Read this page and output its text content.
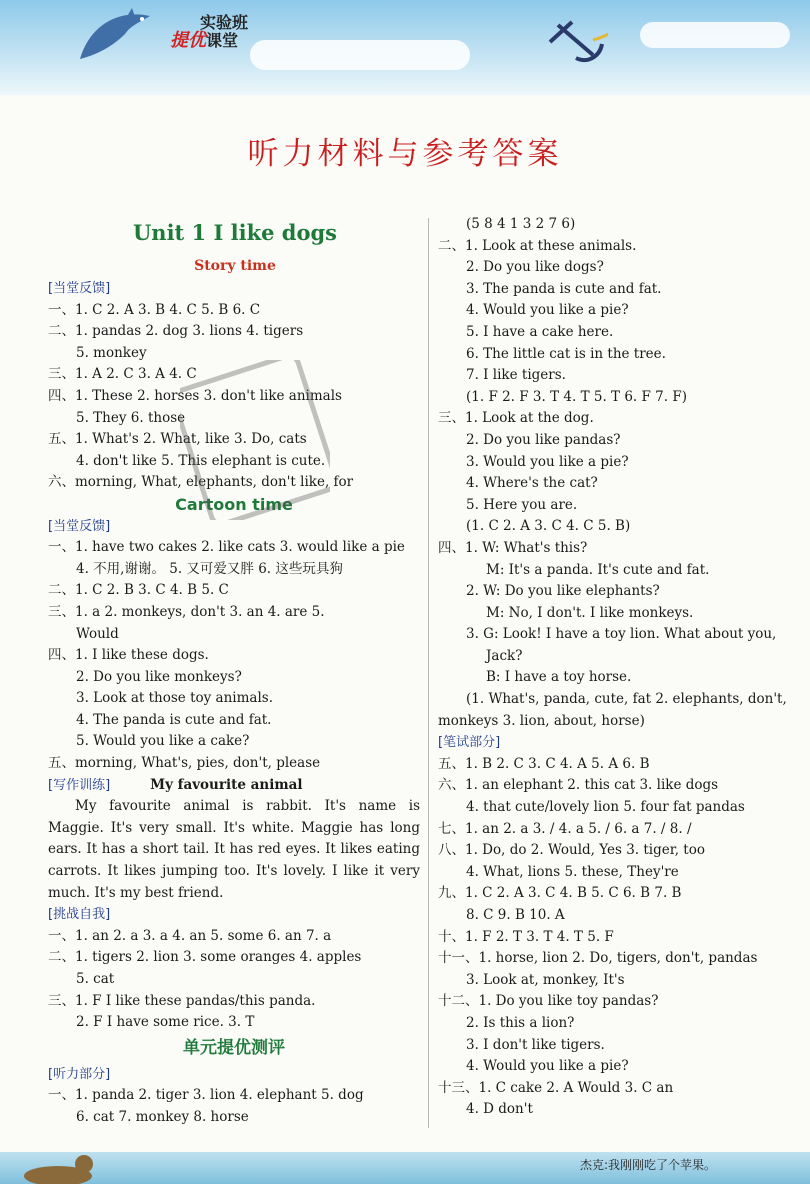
实验班
提优课堂
听力材料与参考答案
Unit 1 I like dogs
Story time
[当堂反馈]
一、1. C 2. A 3. B 4. C 5. B 6. C
二、1. pandas 2. dog 3. lions 4. tigers
5. monkey
三、1. A 2. C 3. A 4. C
四、1. These 2. horses 3. don't like animals
5. They 6. those
五、1. What's 2. What, like 3. Do, cats
4. don't like 5. This elephant is cute.
六、morning, What, elephants, don't like, for
Cartoon time
[当堂反馈]
一、1. have two cakes 2. like cats 3. would like a pie
4. 不用,谢谢。 5. 又可爱又胖 6. 这些玩具狗
二、1. C 2. B 3. C 4. B 5. C
三、1. a 2. monkeys, don't 3. an 4. are 5.
Would
四、1. I like these dogs.
2. Do you like monkeys?
3. Look at those toy animals.
4. The panda is cute and fat.
5. Would you like a cake?
五、morning, What's, pies, don't, please
[写作训练]	My favourite animal
My favourite animal is rabbit. It's name is Maggie. It's very small. It's white. Maggie has long ears. It has a short tail. It has red eyes. It likes eating carrots. It likes jumping too. It's lovely. I like it very much. It's my best friend.
[挑战自我]
一、1. an 2. a 3. a 4. an 5. some 6. an 7. a
二、1. tigers 2. lion 3. some oranges 4. apples
5. cat
三、1. F I like these pandas/this panda.
2. F I have some rice. 3. T
单元提优测评
[听力部分]
一、1. panda 2. tiger 3. lion 4. elephant 5. dog
6. cat 7. monkey 8. horse
(5 8 4 1 3 2 7 6)
二、1. Look at these animals.
2. Do you like dogs?
3. The panda is cute and fat.
4. Would you like a pie?
5. I have a cake here.
6. The little cat is in the tree.
7. I like tigers.
(1. F 2. F 3. T 4. T 5. T 6. F 7. F)
三、1. Look at the dog.
2. Do you like pandas?
3. Would you like a pie?
4. Where's the cat?
5. Here you are.
(1. C 2. A 3. C 4. C 5. B)
四、1. W: What's this?
M: It's a panda. It's cute and fat.
2. W: Do you like elephants?
M: No, I don't. I like monkeys.
3. G: Look! I have a toy lion. What about you,
Jack?
B: I have a toy horse.
(1. What's, panda, cute, fat 2. elephants, don't,
monkeys 3. lion, about, horse)
[笔试部分]
五、1. B 2. C 3. C 4. A 5. A 6. B
六、1. an elephant 2. this cat 3. like dogs
4. that cute/lovely lion 5. four fat pandas
七、1. an 2. a 3. / 4. a 5. / 6. a 7. / 8. /
八、1. Do, do 2. Would, Yes 3. tiger, too
4. What, lions 5. these, They're
九、1. C 2. A 3. C 4. B 5. C 6. B 7. B
8. C 9. B 10. A
十、1. F 2. T 3. T 4. T 5. F
十一、1. horse, lion 2. Do, tigers, don't, pandas
3. Look at, monkey, It's
十二、1. Do you like toy pandas?
2. Is this a lion?
3. I don't like tigers.
4. Would you like a pie?
十三、1. C cake 2. A Would 3. C an
4. D don't
杰克:我刚刚吃了个苹果。
